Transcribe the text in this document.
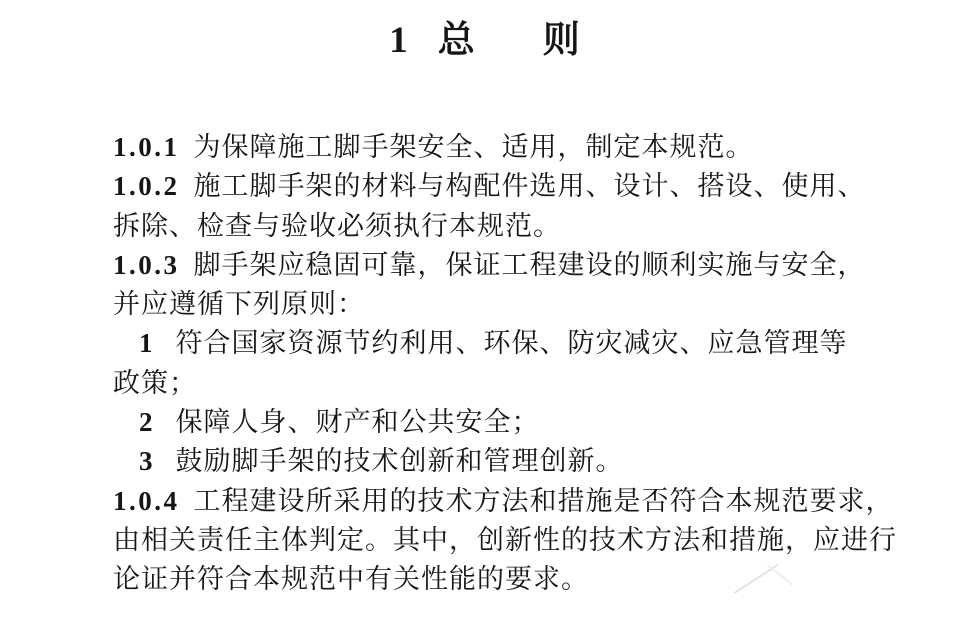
1 总 则
1.0.1 为保障施工脚手架安全、适用，制定本规范。
1.0.2 施工脚手架的材料与构配件选用、设计、搭设、使用、
拆除、检查与验收必须执行本规范。
1.0.3 脚手架应稳固可靠，保证工程建设的顺利实施与安全，
并应遵循下列原则：
1 符合国家资源节约利用、环保、防灾减灾、应急管理等
政策；
2 保障人身、财产和公共安全；
3 鼓励脚手架的技术创新和管理创新。
1.0.4 工程建设所采用的技术方法和措施是否符合本规范要求，
由相关责任主体判定。其中，创新性的技术方法和措施，应进行
论证并符合本规范中有关性能的要求。
